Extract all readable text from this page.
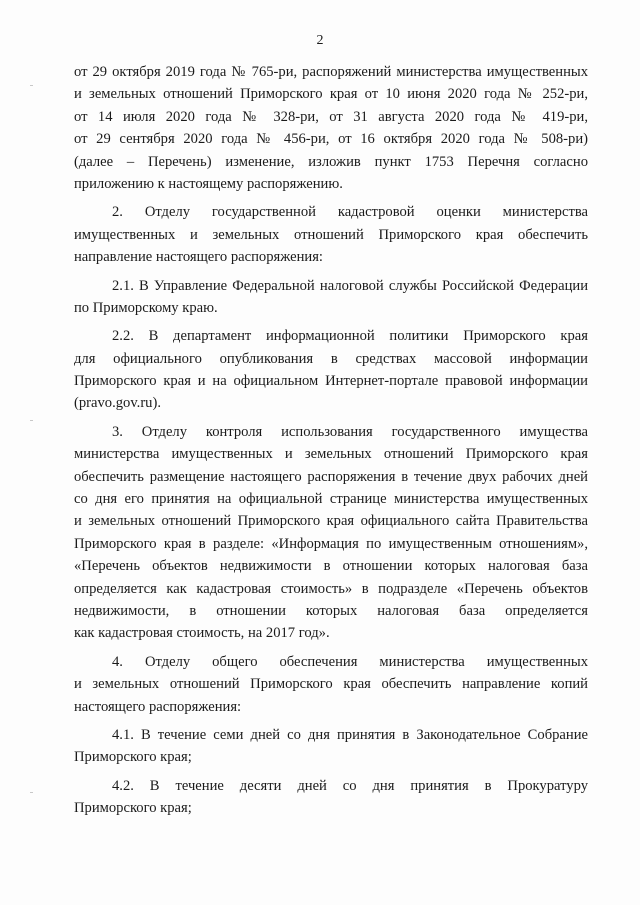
2
от 29 октября 2019 года № 765-ри, распоряжений министерства имущественных
и земельных отношений Приморского края от 10 июня 2020 года № 252-ри,
от 14 июля 2020 года № 328-ри, от 31 августа 2020 года № 419-ри,
от 29 сентября 2020 года № 456-ри, от 16 октября 2020 года № 508-ри)
(далее – Перечень) изменение, изложив пункт 1753 Перечня согласно
приложению к настоящему распоряжению.
2. Отделу государственной кадастровой оценки министерства
имущественных и земельных отношений Приморского края обеспечить
направление настоящего распоряжения:
2.1. В Управление Федеральной налоговой службы Российской Федерации
по Приморскому краю.
2.2. В департамент информационной политики Приморского края
для официального опубликования в средствах массовой информации
Приморского края и на официальном Интернет-портале правовой информации
(pravo.gov.ru).
3. Отделу контроля использования государственного имущества
министерства имущественных и земельных отношений Приморского края
обеспечить размещение настоящего распоряжения в течение двух рабочих дней
со дня его принятия на официальной странице министерства имущественных
и земельных отношений Приморского края официального сайта Правительства
Приморского края в разделе: «Информация по имущественным отношениям»,
«Перечень объектов недвижимости в отношении которых налоговая база
определяется как кадастровая стоимость» в подразделе «Перечень объектов
недвижимости, в отношении которых налоговая база определяется
как кадастровая стоимость, на 2017 год».
4. Отделу общего обеспечения министерства имущественных
и земельных отношений Приморского края обеспечить направление копий
настоящего распоряжения:
4.1. В течение семи дней со дня принятия в Законодательное Собрание
Приморского края;
4.2. В течение десяти дней со дня принятия в Прокуратуру
Приморского края;
